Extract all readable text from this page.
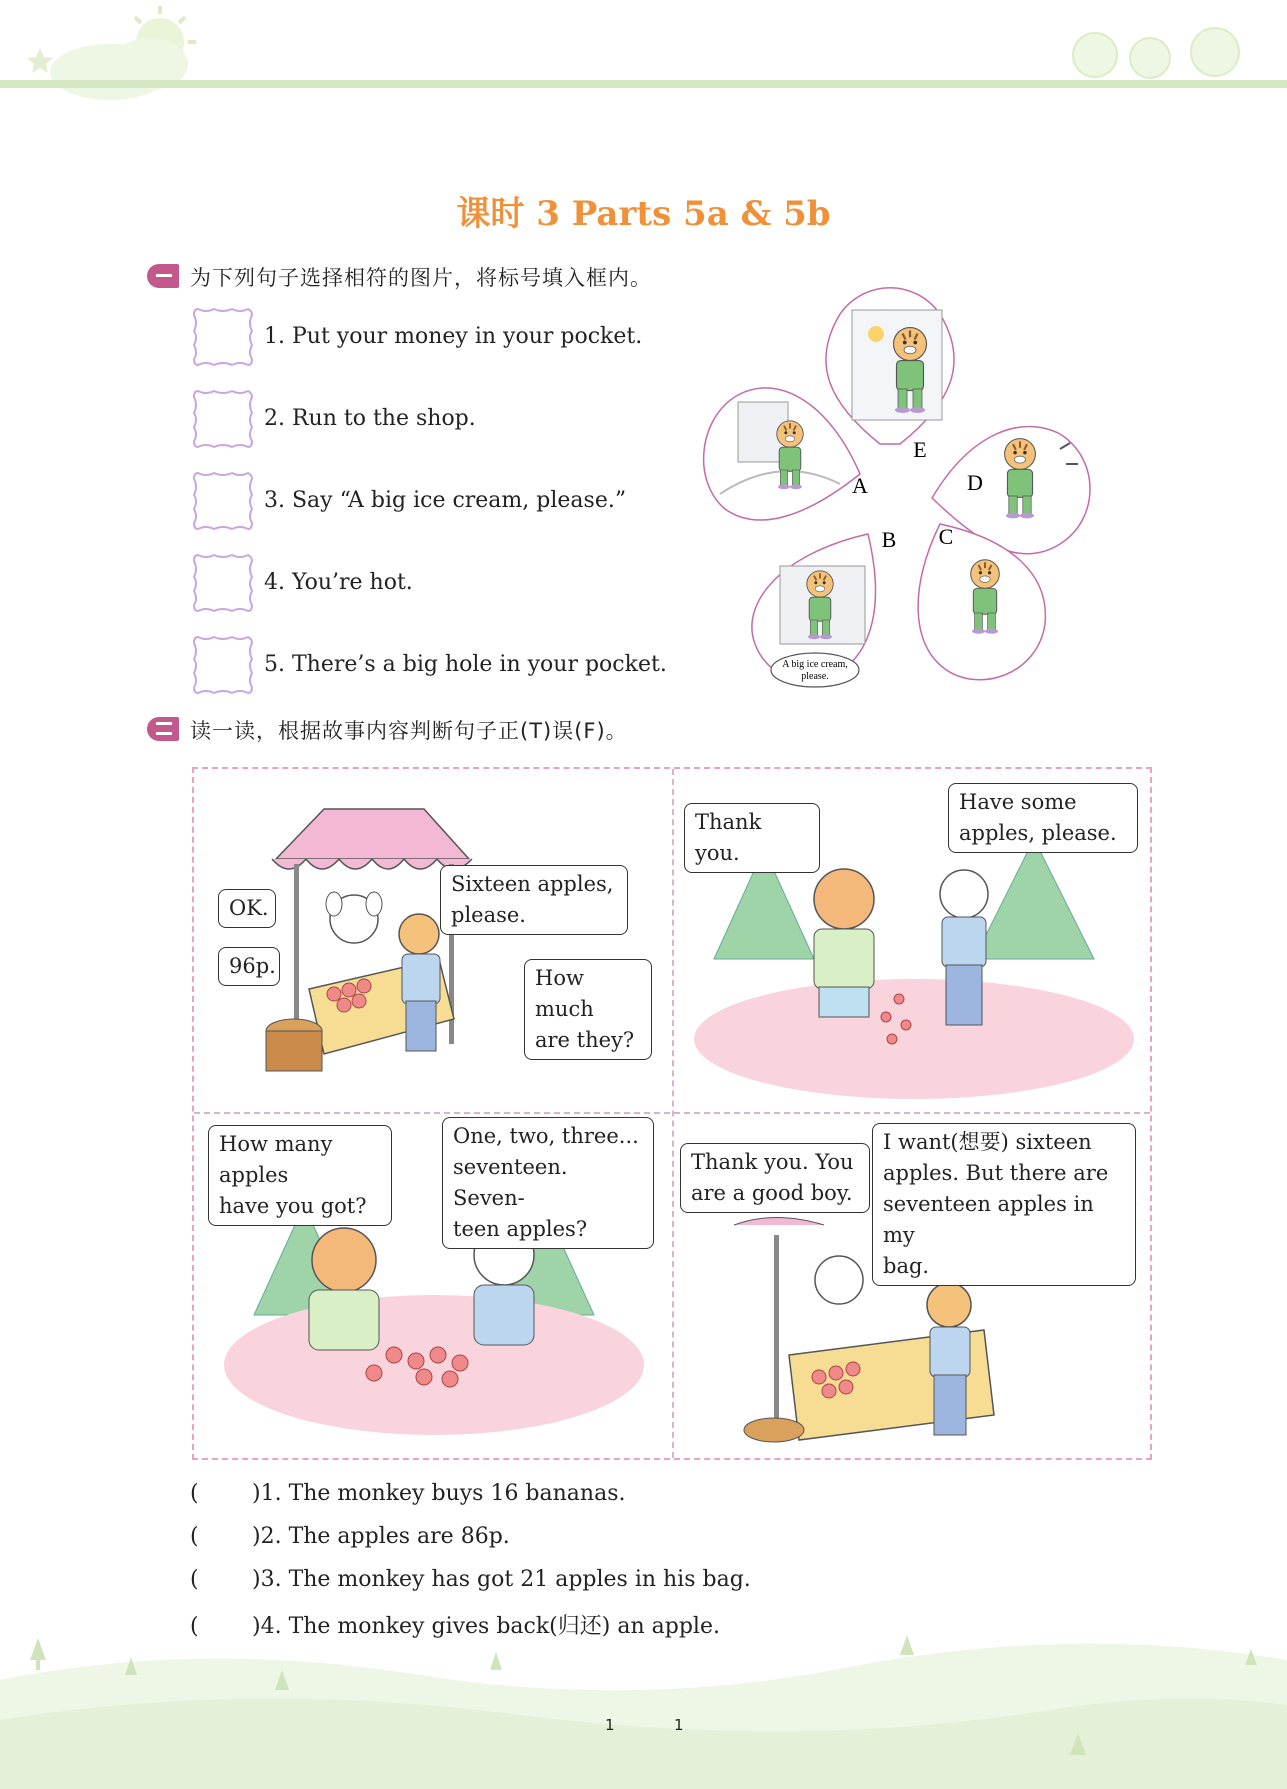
课时 3 Parts 5a & 5b
为下列句子选择相符的图片，将标号填入框内。
1. Put your money in your pocket.
2. Run to the shop.
3. Say “A big ice cream, please.”
4. You’re hot.
5. There’s a big hole in your pocket.	A big ice cream,
please.
E
A	D
B C
读一读，根据故事内容判断句子正(T)误(F)。
OK.
96p.
Sixteen apples,
please.
How much
are they?
Thank you.
Have some
apples, please.
How many apples
have you got?
One, two, three...
seventeen. Seven-
teen apples?
Thank you. You
are a good boy.
I want(想要) sixteen
apples. But there are
seventeen apples in my
bag.
( )1. The monkey buys 16 bananas.
( )2. The apples are 86p.
( )3. The monkey has got 21 apples in his bag.
( )4. The monkey gives back(归还) an apple.
1	1
